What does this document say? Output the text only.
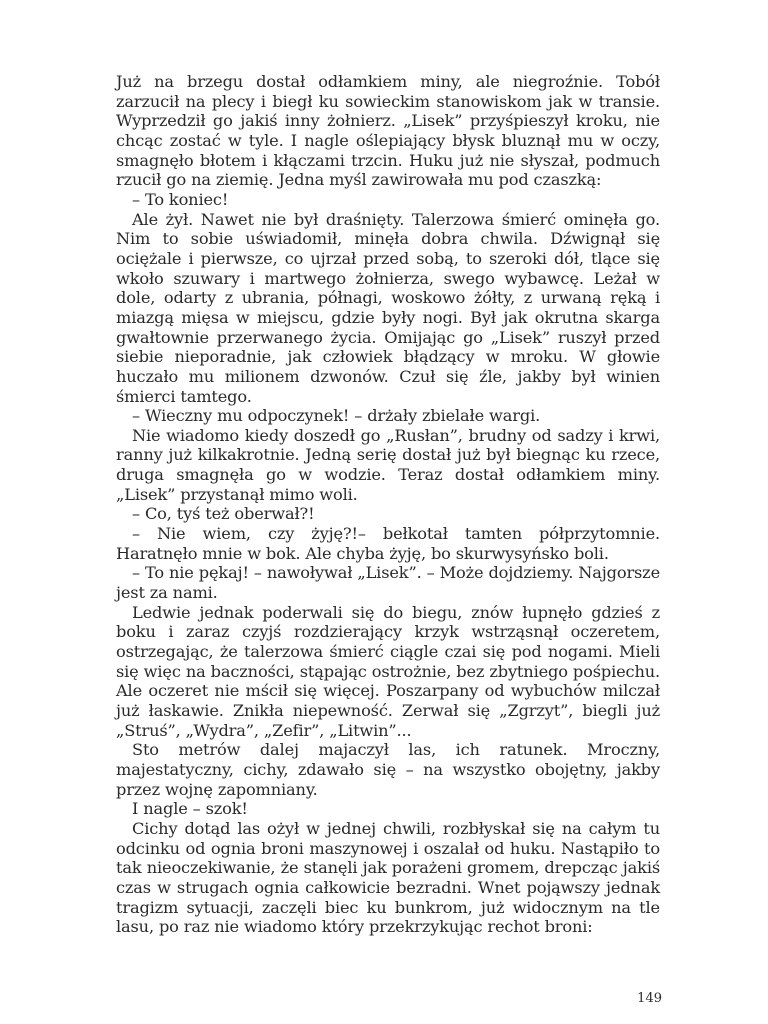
Już na brzegu dostał odłamkiem miny, ale niegroźnie. Tobół zarzucił na plecy i biegł ku sowieckim stanowiskom jak w transie. Wyprzedził go jakiś inny żołnierz. „Lisek” przyśpieszył kroku, nie chcąc zostać w tyle. I nagle oślepiający błysk bluznął mu w oczy, smagnęło błotem i kłączami trzcin. Huku już nie słyszał, podmuch rzucił go na ziemię. Jedna myśl zawirowała mu pod czaszką:

– To koniec!

Ale żył. Nawet nie był draśnięty. Talerzowa śmierć ominęła go. Nim to sobie uświadomił, minęła dobra chwila. Dźwignął się ociężale i pierwsze, co ujrzał przed sobą, to szeroki dół, tlące się wkoło szuwary i martwego żołnierza, swego wybawcę. Leżał w dole, odarty z ubrania, półnagi, woskowo żółty, z urwaną ręką i miazgą mięsa w miejscu, gdzie były nogi. Był jak okrutna skarga gwałtownie przerwanego życia. Omijając go „Lisek” ruszył przed siebie nieporadnie, jak człowiek błądzący w mroku. W głowie huczało mu milionem dzwonów. Czuł się źle, jakby był winien śmierci tamtego.

– Wieczny mu odpoczynek! – drżały zbielałe wargi.

Nie wiadomo kiedy doszedł go „Rusłan”, brudny od sadzy i krwi, ranny już kilkakrotnie. Jedną serię dostał już był biegnąc ku rzece, druga smagnęła go w wodzie. Teraz dostał odłamkiem miny. „Lisek” przystanął mimo woli.

– Co, tyś też oberwał?!

– Nie wiem, czy żyję?!– bełkotał tamten półprzytomnie. Haratnęło mnie w bok. Ale chyba żyję, bo skurwysyńsko boli.

– To nie pękaj! – nawoływał „Lisek”. – Może dojdziemy. Najgorsze jest za nami.

Ledwie jednak poderwali się do biegu, znów łupnęło gdzieś z boku i zaraz czyjś rozdzierający krzyk wstrząsnął oczeretem, ostrzegając, że talerzowa śmierć ciągle czai się pod nogami. Mieli się więc na baczności, stąpając ostrożnie, bez zbytniego pośpiechu. Ale oczeret nie mścił się więcej. Poszarpany od wybuchów milczał już łaskawie. Znikła niepewność. Zerwał się „Zgrzyt”, biegli już „Struś”, „Wydra”, „Zefir”, „Litwin”...

Sto metrów dalej majaczył las, ich ratunek. Mroczny, majestatyczny, cichy, zdawało się – na wszystko obojętny, jakby przez wojnę zapomniany.

I nagle – szok!

Cichy dotąd las ożył w jednej chwili, rozbłyskał się na całym tu odcinku od ognia broni maszynowej i oszalał od huku. Nastąpiło to tak nieoczekiwanie, że stanęli jak porażeni gromem, drepcząc jakiś czas w strugach ognia całkowicie bezradni. Wnet pojąwszy jednak tragizm sytuacji, zaczęli biec ku bunkrom, już widocznym na tle lasu, po raz nie wiadomo który przekrzykując rechot broni:

149
